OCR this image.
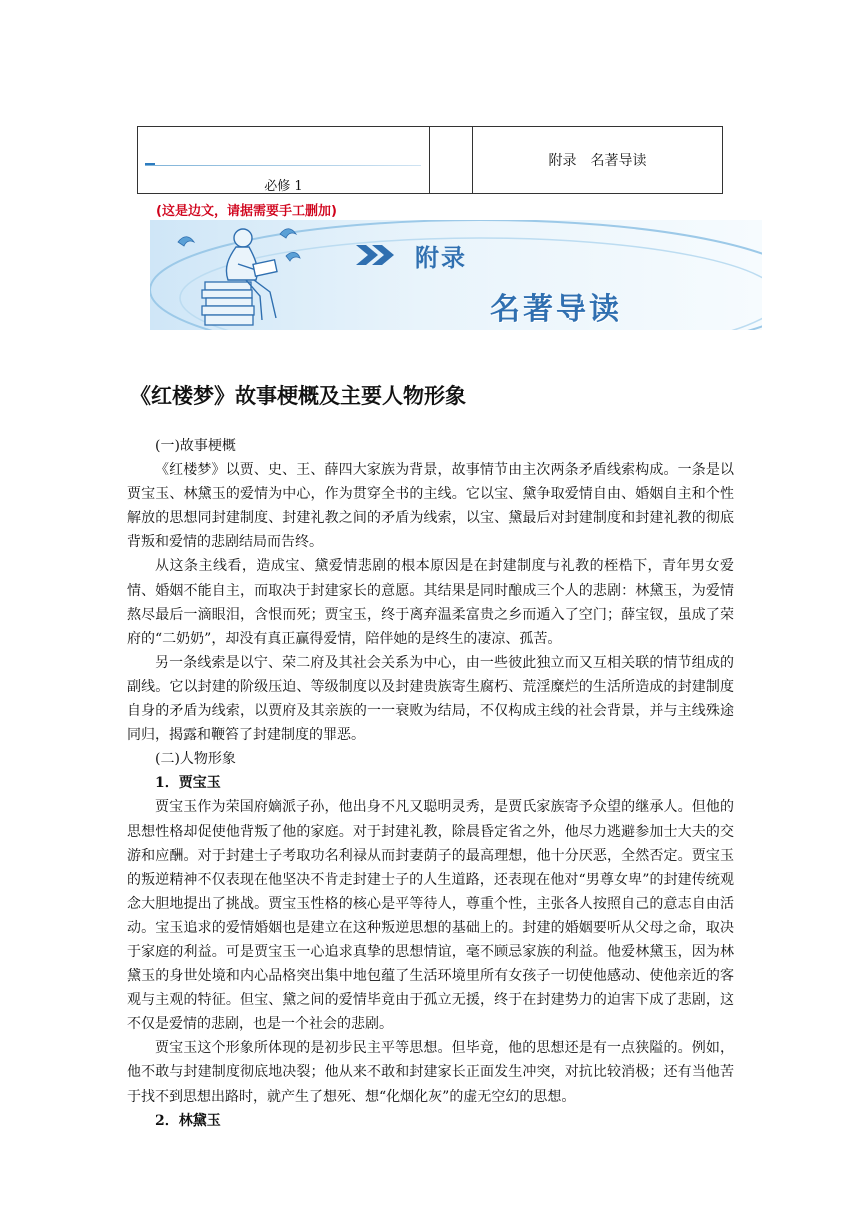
必修 1
附录　名著导读
(这是边文，请据需要手工删加)
附录
名著导读
《红楼梦》故事梗概及主要人物形象

(一)故事梗概

《红楼梦》以贾、史、王、薛四大家族为背景，故事情节由主次两条矛盾线索构成。一条是以贾宝玉、林黛玉的爱情为中心，作为贯穿全书的主线。它以宝、黛争取爱情自由、婚姻自主和个性解放的思想同封建制度、封建礼教之间的矛盾为线索，以宝、黛最后对封建制度和封建礼教的彻底背叛和爱情的悲剧结局而告终。

从这条主线看，造成宝、黛爱情悲剧的根本原因是在封建制度与礼教的桎梏下，青年男女爱情、婚姻不能自主，而取决于封建家长的意愿。其结果是同时酿成三个人的悲剧：林黛玉，为爱情熬尽最后一滴眼泪，含恨而死；贾宝玉，终于离弃温柔富贵之乡而遁入了空门；薛宝钗，虽成了荣府的“二奶奶”，却没有真正赢得爱情，陪伴她的是终生的凄凉、孤苦。

另一条线索是以宁、荣二府及其社会关系为中心，由一些彼此独立而又互相关联的情节组成的副线。它以封建的阶级压迫、等级制度以及封建贵族寄生腐朽、荒淫糜烂的生活所造成的封建制度自身的矛盾为线索，以贾府及其亲族的一一衰败为结局，不仅构成主线的社会背景，并与主线殊途同归，揭露和鞭笞了封建制度的罪恶。

(二)人物形象

1．贾宝玉

贾宝玉作为荣国府嫡派子孙，他出身不凡又聪明灵秀，是贾氏家族寄予众望的继承人。但他的思想性格却促使他背叛了他的家庭。对于封建礼教，除晨昏定省之外，他尽力逃避参加士大夫的交游和应酬。对于封建士子考取功名利禄从而封妻荫子的最高理想，他十分厌恶，全然否定。贾宝玉的叛逆精神不仅表现在他坚决不肯走封建士子的人生道路，还表现在他对“男尊女卑”的封建传统观念大胆地提出了挑战。贾宝玉性格的核心是平等待人，尊重个性，主张各人按照自己的意志自由活动。宝玉追求的爱情婚姻也是建立在这种叛逆思想的基础上的。封建的婚姻要听从父母之命，取决于家庭的利益。可是贾宝玉一心追求真挚的思想情谊，毫不顾忌家族的利益。他爱林黛玉，因为林黛玉的身世处境和内心品格突出集中地包蕴了生活环境里所有女孩子一切使他感动、使他亲近的客观与主观的特征。但宝、黛之间的爱情毕竟由于孤立无援，终于在封建势力的迫害下成了悲剧，这不仅是爱情的悲剧，也是一个社会的悲剧。

贾宝玉这个形象所体现的是初步民主平等思想。但毕竟，他的思想还是有一点狭隘的。例如，他不敢与封建制度彻底地决裂；他从来不敢和封建家长正面发生冲突，对抗比较消极；还有当他苦于找不到思想出路时，就产生了想死、想“化烟化灰”的虚无空幻的思想。

2．林黛玉
